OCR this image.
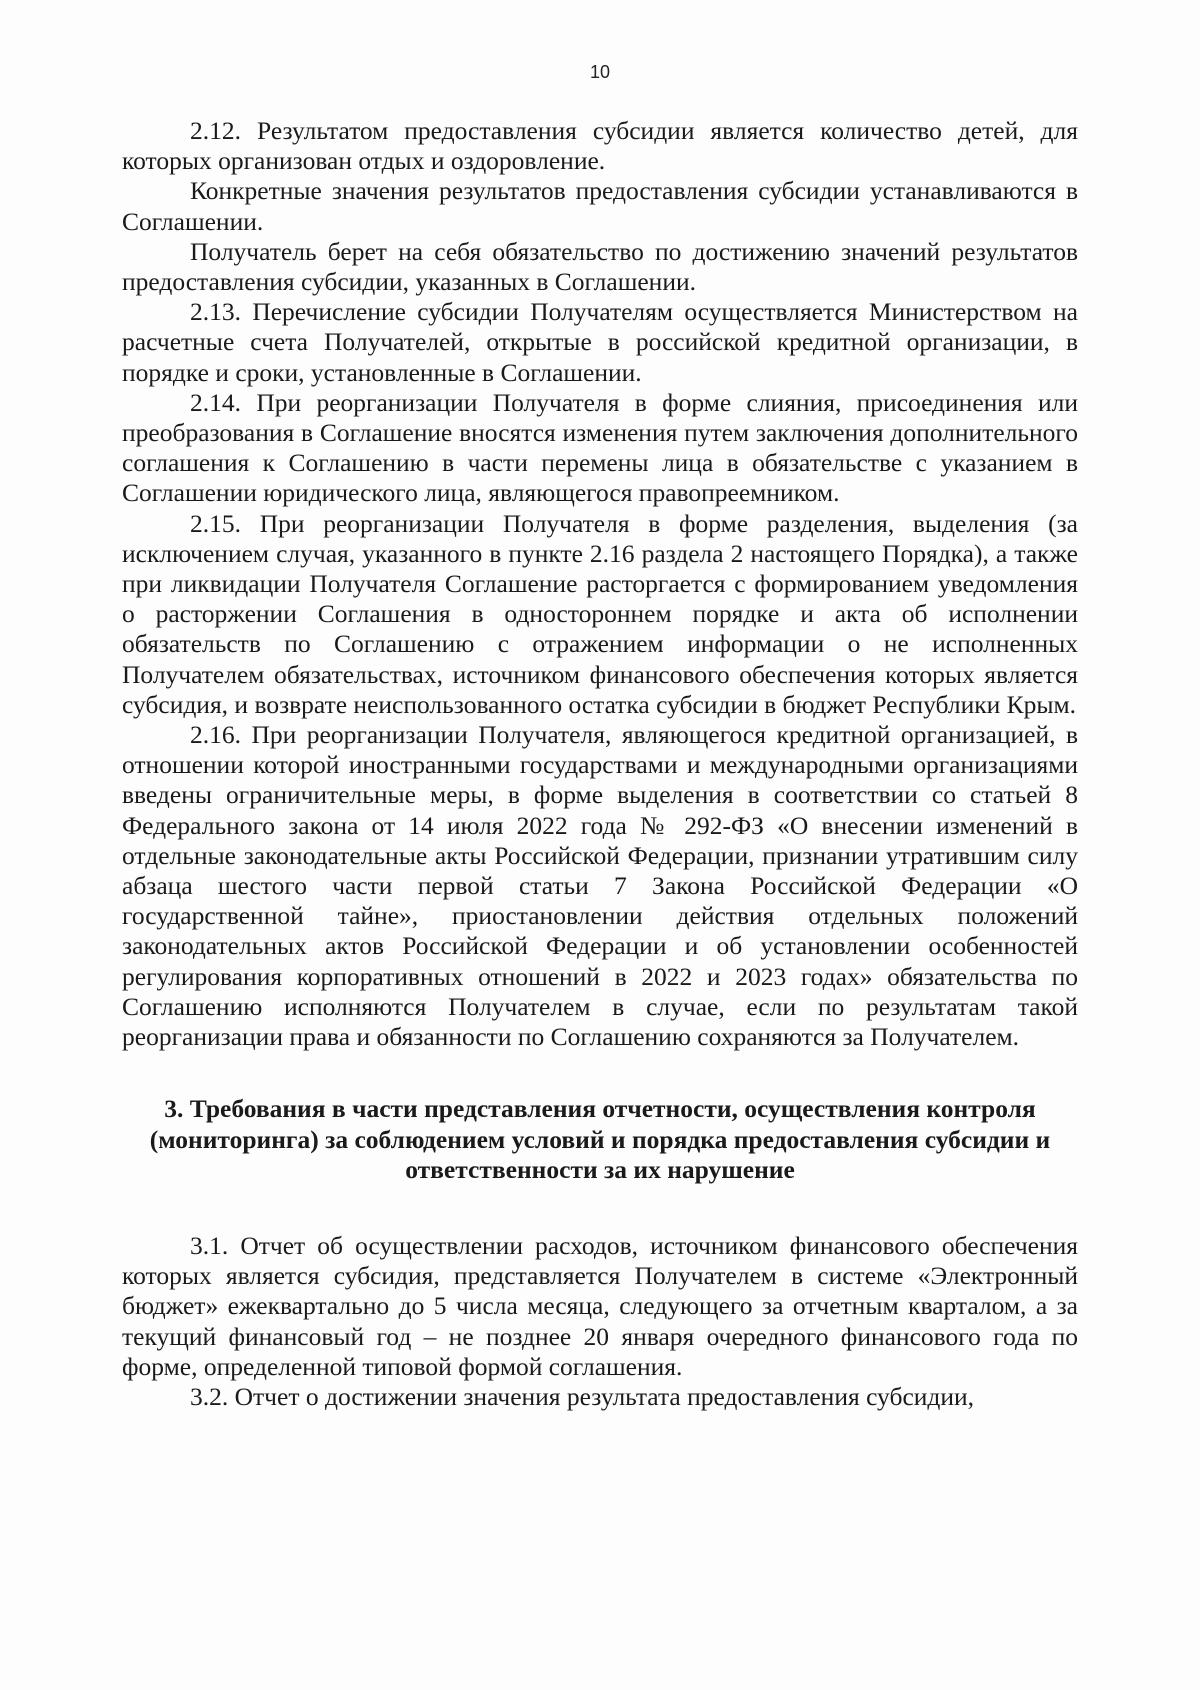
10

2.12. Результатом предоставления субсидии является количество детей, для которых организован отдых и оздоровление.

Конкретные значения результатов предоставления субсидии устанавливаются в Соглашении.

Получатель берет на себя обязательство по достижению значений результатов предоставления субсидии, указанных в Соглашении.

2.13. Перечисление субсидии Получателям осуществляется Министерством на расчетные счета Получателей, открытые в российской кредитной организации, в порядке и сроки, установленные в Соглашении.

2.14. При реорганизации Получателя в форме слияния, присоединения или преобразования в Соглашение вносятся изменения путем заключения дополнительного соглашения к Соглашению в части перемены лица в обязательстве с указанием в Соглашении юридического лица, являющегося правопреемником.

2.15. При реорганизации Получателя в форме разделения, выделения (за исключением случая, указанного в пункте 2.16 раздела 2 настоящего Порядка), а также при ликвидации Получателя Соглашение расторгается с формированием уведомления о расторжении Соглашения в одностороннем порядке и акта об исполнении обязательств по Соглашению с отражением информации о не исполненных Получателем обязательствах, источником финансового обеспечения которых является субсидия, и возврате неиспользованного остатка субсидии в бюджет Республики Крым.

2.16. При реорганизации Получателя, являющегося кредитной организацией, в отношении которой иностранными государствами и международными организациями введены ограничительные меры, в форме выделения в соответствии со статьей 8 Федерального закона от 14 июля 2022 года № 292-ФЗ «О внесении изменений в отдельные законодательные акты Российской Федерации, признании утратившим силу абзаца шестого части первой статьи 7 Закона Российской Федерации «О государственной тайне», приостановлении действия отдельных положений законодательных актов Российской Федерации и об установлении особенностей регулирования корпоративных отношений в 2022 и 2023 годах» обязательства по Соглашению исполняются Получателем в случае, если по результатам такой реорганизации права и обязанности по Соглашению сохраняются за Получателем.

3. Требования в части представления отчетности, осуществления контроля (мониторинга) за соблюдением условий и порядка предоставления субсидии и ответственности за их нарушение

3.1. Отчет об осуществлении расходов, источником финансового обеспечения которых является субсидия, представляется Получателем в системе «Электронный бюджет» ежеквартально до 5 числа месяца, следующего за отчетным кварталом, а за текущий финансовый год – не позднее 20 января очередного финансового года по форме, определенной типовой формой соглашения.

3.2. Отчет о достижении значения результата предоставления субсидии,
